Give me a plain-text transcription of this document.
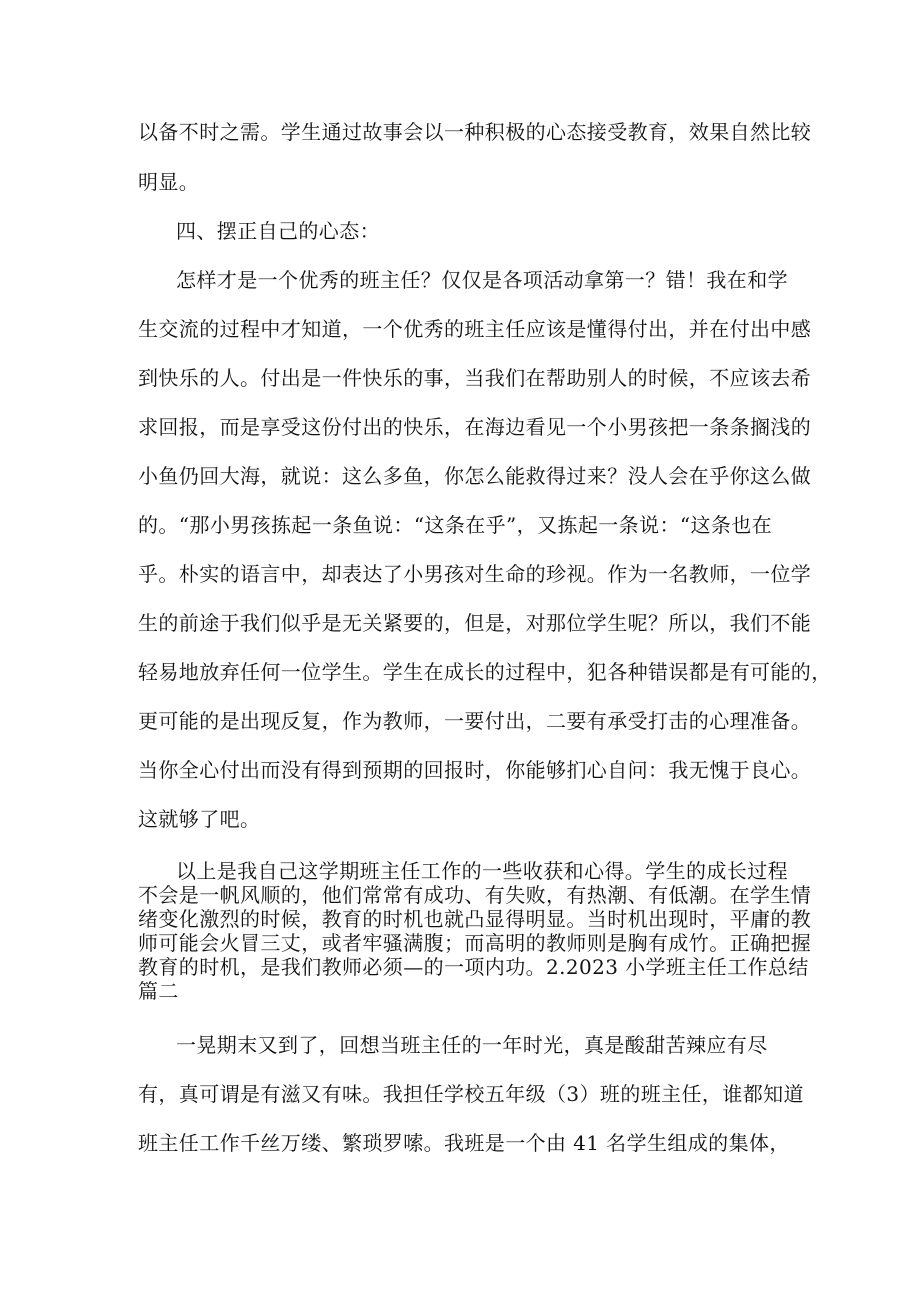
以备不时之需。学生通过故事会以一种积极的心态接受教育，效果自然比较
明显。
四、摆正自己的心态：
怎样才是一个优秀的班主任？仅仅是各项活动拿第一？错！我在和学
生交流的过程中才知道，一个优秀的班主任应该是懂得付出，并在付出中感
到快乐的人。付出是一件快乐的事，当我们在帮助别人的时候，不应该去希
求回报，而是享受这份付出的快乐，在海边看见一个小男孩把一条条搁浅的
小鱼仍回大海，就说：这么多鱼，你怎么能救得过来？没人会在乎你这么做
的。“那小男孩拣起一条鱼说：“这条在乎”，又拣起一条说：“这条也在
乎。朴实的语言中，却表达了小男孩对生命的珍视。作为一名教师，一位学
生的前途于我们似乎是无关紧要的，但是，对那位学生呢？所以，我们不能
轻易地放弃任何一位学生。学生在成长的过程中，犯各种错误都是有可能的，
更可能的是出现反复，作为教师，一要付出，二要有承受打击的心理准备。
当你全心付出而没有得到预期的回报时，你能够扪心自问：我无愧于良心。
这就够了吧。
以上是我自己这学期班主任工作的一些收获和心得。学生的成长过程
不会是一帆风顺的，他们常常有成功、有失败，有热潮、有低潮。在学生情
绪变化激烈的时候，教育的时机也就凸显得明显。当时机出现时，平庸的教
师可能会火冒三丈，或者牢骚满腹；而高明的教师则是胸有成竹。正确把握
教育的时机，是我们教师必须—的一项内功。2.2023 小学班主任工作总结
篇二
一晃期末又到了，回想当班主任的一年时光，真是酸甜苦辣应有尽
有，真可谓是有滋又有味。我担任学校五年级（3）班的班主任，谁都知道
班主任工作千丝万缕、繁琐罗嗦。我班是一个由 41 名学生组成的集体，
